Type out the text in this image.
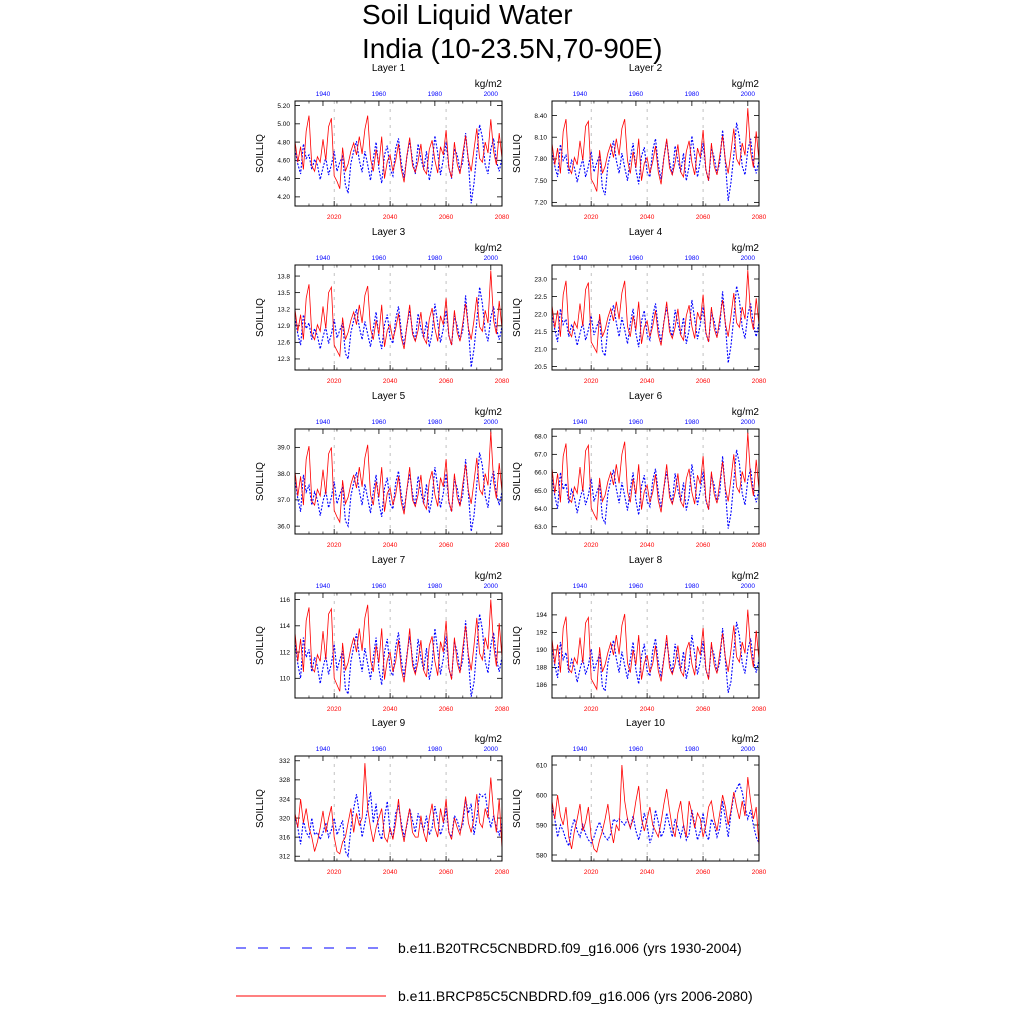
Soil Liquid Water
India (10-23.5N,70-90E)
Layer 1
kg/m2
SOILLIQ
2020	2040	2060	2080
1940	1960	1980	2000
4.20
4.40
4.60
4.80
5.00
5.20
Layer 2
kg/m2
SOILLIQ
2020	2040	2060	2080
1940	1960	1980	2000
7.20
7.50
7.80
8.10
8.40
Layer 3
kg/m2
SOILLIQ
2020	2040	2060	2080
1940	1960	1980	2000
12.3
12.6
12.9
13.2
13.5
13.8
Layer 4
kg/m2
SOILLIQ
2020	2040	2060	2080
1940	1960	1980	2000
20.5
21.0
21.5
22.0
22.5
23.0
Layer 5
kg/m2
SOILLIQ
2020	2040	2060	2080
1940	1960	1980	2000
36.0
37.0
38.0
39.0
Layer 6
kg/m2
SOILLIQ
2020	2040	2060	2080
1940	1960	1980	2000
63.0
64.0
65.0
66.0
67.0
68.0
Layer 7
kg/m2
SOILLIQ
2020	2040	2060	2080
1940	1960	1980	2000
110
112
114
116
Layer 8
kg/m2
SOILLIQ
2020	2040	2060	2080
1940	1960	1980	2000
186
188
190
192
194
Layer 9
kg/m2
SOILLIQ
2020	2040	2060	2080
1940	1960	1980	2000
312
316
320
324
328
332
Layer 10
kg/m2
SOILLIQ
2020	2040	2060	2080
1940	1960	1980	2000
580
590
600
610
b.e11.B20TRC5CNBDRD.f09_g16.006 (yrs 1930-2004)
b.e11.BRCP85C5CNBDRD.f09_g16.006 (yrs 2006-2080)
